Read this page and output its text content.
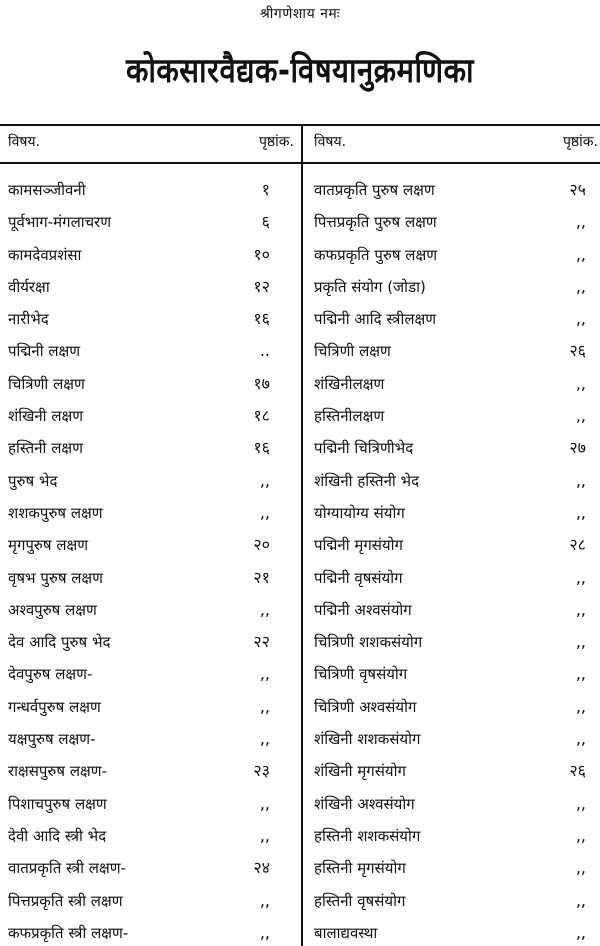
श्रीगणेशाय नमः
कोकसारवैद्यक-विषयानुक्रमणिका
विषय.	पृष्ठांक. विषय.	पृष्ठांक.
कामसञ्जीवनी	१
पूर्वभाग-मंगलाचरण	६
कामदेवप्रशंसा	१०
वीर्यरक्षा	१२
नारीभेद	१६
पद्मिनी लक्षण	..
चित्रिणी लक्षण	१७
शंखिनी लक्षण	१८
हस्तिनी लक्षण	१६
पुरुष भेद	,,
शशकपुरुष लक्षण	,,
मृगपुरुष लक्षण	२०
वृषभ पुरुष लक्षण	२१
अश्वपुरुष लक्षण	,,
देव आदि पुरुष भेद	२२
देवपुरुष लक्षण-	,,
गन्धर्वपुरुष लक्षण	,,
यक्षपुरुष लक्षण-	,,
राक्षसपुरुष लक्षण-	२३
पिशाचपुरुष लक्षण	,,
देवी आदि स्त्री भेद	,,
वातप्रकृति स्त्री लक्षण-	२४
पित्तप्रकृति स्त्री लक्षण	,,
कफप्रकृति स्त्री लक्षण-	,,
वातप्रकृति पुरुष लक्षण	२५
पित्तप्रकृति पुरुष लक्षण	,,
कफप्रकृति पुरुष लक्षण	,,
प्रकृति संयोग (जोडा)	,,
पद्मिनी आदि स्त्रीलक्षण	,,
चित्रिणी लक्षण	२६
शंखिनीलक्षण	,,
हस्तिनीलक्षण	,,
पद्मिनी चित्रिणीभेद	२७
शंखिनी हस्तिनी भेद	,,
योग्यायोग्य संयोग	,,
पद्मिनी मृगसंयोग	२८
पद्मिनी वृषसंयोग	,,
पद्मिनी अश्वसंयोग	,,
चित्रिणी शशकसंयोग	,,
चित्रिणी वृषसंयोग	,,
चित्रिणी अश्वसंयोग	,,
शंखिनी शशकसंयोग	,,
शंखिनी मृगसंयोग	२६
शंखिनी अश्वसंयोग	,,
हस्तिनी शशकसंयोग	,,
हस्तिनी मृगसंयोग	,,
हस्तिनी वृषसंयोग	,,
बालाद्यवस्था	,,
